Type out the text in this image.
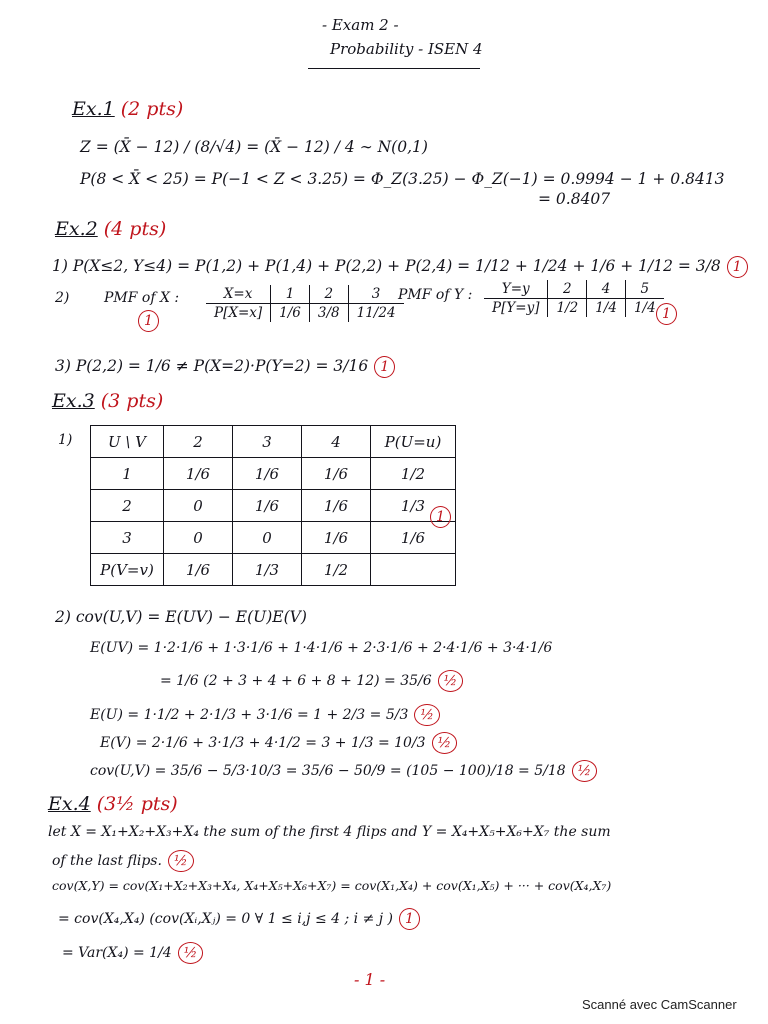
- Exam 2 -
Probability - ISEN 4
Ex.1 (2 pts)
Z = (X̄ − 12) / (8/√4) = (X̄ − 12) / 4 ∼ N(0,1)
P(8 < X̄ < 25) = P(−1 < Z < 3.25) = Φ_Z(3.25) − Φ_Z(−1) = 0.9994 − 1 + 0.8413
= 0.8407
Ex.2 (4 pts)
1) P(X≤2, Y≤4) = P(1,2) + P(1,4) + P(2,2) + P(2,4) = 1/12 + 1/24 + 1/6 + 1/12 = 3/8 1
2) PMF of X :
1
X=x	1	2	3
P[X=x]	1/6	3/8	11/24
PMF of Y : Y=y	2	4	5
P[Y=y]	1/2	1/4	1/4 1
3) P(2,2) = 1/6 ≠ P(X=2)·P(Y=2) = 3/16 1
Ex.3 (3 pts)
1) U \ V	2	3	4	P(U=u)
1	1/6	1/6	1/6	1/2
2	0	1/6	1/6	1/3
3	0	0	1/6	1/6
P(V=v)	1/6	1/3	1/2	
1
2) cov(U,V) = E(UV) − E(U)E(V)
E(UV) = 1·2·1/6 + 1·3·1/6 + 1·4·1/6 + 2·3·1/6 + 2·4·1/6 + 3·4·1/6
= 1/6 (2 + 3 + 4 + 6 + 8 + 12) = 35/6 ½
E(U) = 1·1/2 + 2·1/3 + 3·1/6 = 1 + 2/3 = 5/3 ½
E(V) = 2·1/6 + 3·1/3 + 4·1/2 = 3 + 1/3 = 10/3 ½
cov(U,V) = 35/6 − 5/3·10/3 = 35/6 − 50/9 = (105 − 100)/18 = 5/18 ½
Ex.4 (3½ pts)
let X = X₁+X₂+X₃+X₄ the sum of the first 4 flips and Y = X₄+X₅+X₆+X₇ the sum
of the last flips. ½
cov(X,Y) = cov(X₁+X₂+X₃+X₄, X₄+X₅+X₆+X₇) = cov(X₁,X₄) + cov(X₁,X₅) + ··· + cov(X₄,X₇)
= cov(X₄,X₄) (cov(Xᵢ,Xⱼ) = 0 ∀ 1 ≤ i,j ≤ 4 ; i ≠ j ) 1
= Var(X₄) = 1/4 ½
- 1 -
Scanné avec CamScanner
